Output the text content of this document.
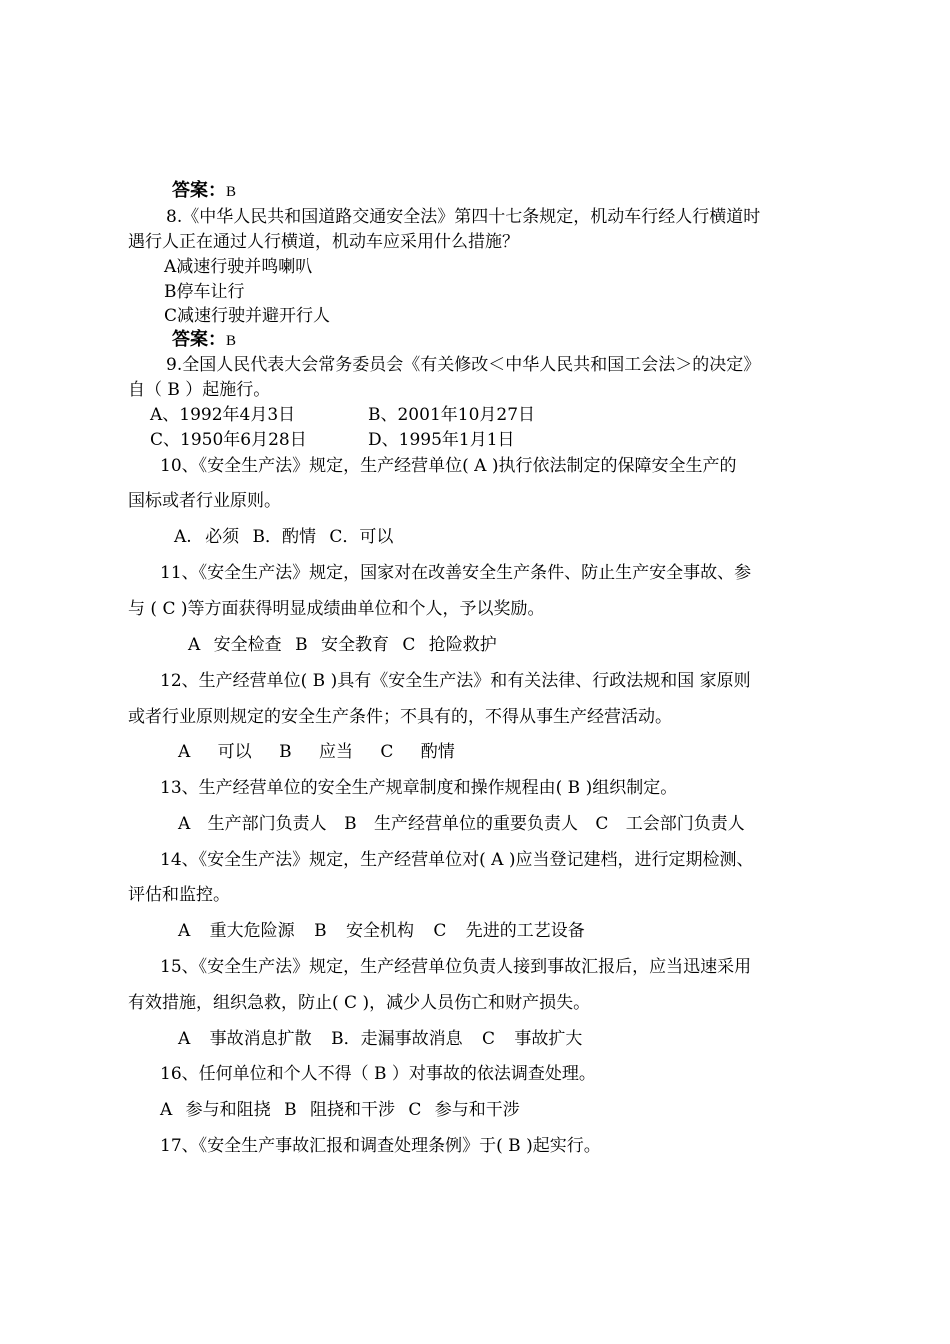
答案：B
8.《中华人民共和国道路交通安全法》第四十七条规定，机动车行经人行横道时
遇行人正在通过人行横道，机动车应采用什么措施？
A减速行驶并鸣喇叭
B停车让行
C减速行驶并避开行人
答案：B
9.全国人民代表大会常务委员会《有关修改＜中华人民共和国工会法＞的决定》
自（ B ）起施行。
A、1992年4月3日	B、2001年10月27日
C、1950年6月28日	D、1995年1月1日
10、《安全生产法》规定，生产经营单位( A )执行依法制定的保障安全生产的
国标或者行业原则。
A. 必须 B．酌情 C．可以
11、《安全生产法》规定，国家对在改善安全生产条件、防止生产安全事故、参
与 ( C )等方面获得明显成绩曲单位和个人，予以奖励。
A 安全检查 B 安全教育 C 抢险救护
12、生产经营单位( B )具有《安全生产法》和有关法律、行政法规和国 家原则
或者行业原则规定的安全生产条件；不具有的，不得从事生产经营活动。
A 可以 B 应当 C 酌情
13、生产经营单位的安全生产规章制度和操作规程由( B )组织制定。
A 生产部门负责人 B 生产经营单位的重要负责人 C 工会部门负责人
14、《安全生产法》规定，生产经营单位对( A )应当登记建档，进行定期检测、
评估和监控。
A 重大危险源 B 安全机构 C 先进的工艺设备
15、《安全生产法》规定，生产经营单位负责人接到事故汇报后，应当迅速采用
有效措施，组织急救，防止( C )，减少人员伤亡和财产损失。
A 事故消息扩散 B．走漏事故消息 C 事故扩大
16、任何单位和个人不得（ B ）对事故的依法调查处理。
A 参与和阻挠 B 阻挠和干涉 C 参与和干涉
17、《安全生产事故汇报和调查处理条例》于( B )起实行。
